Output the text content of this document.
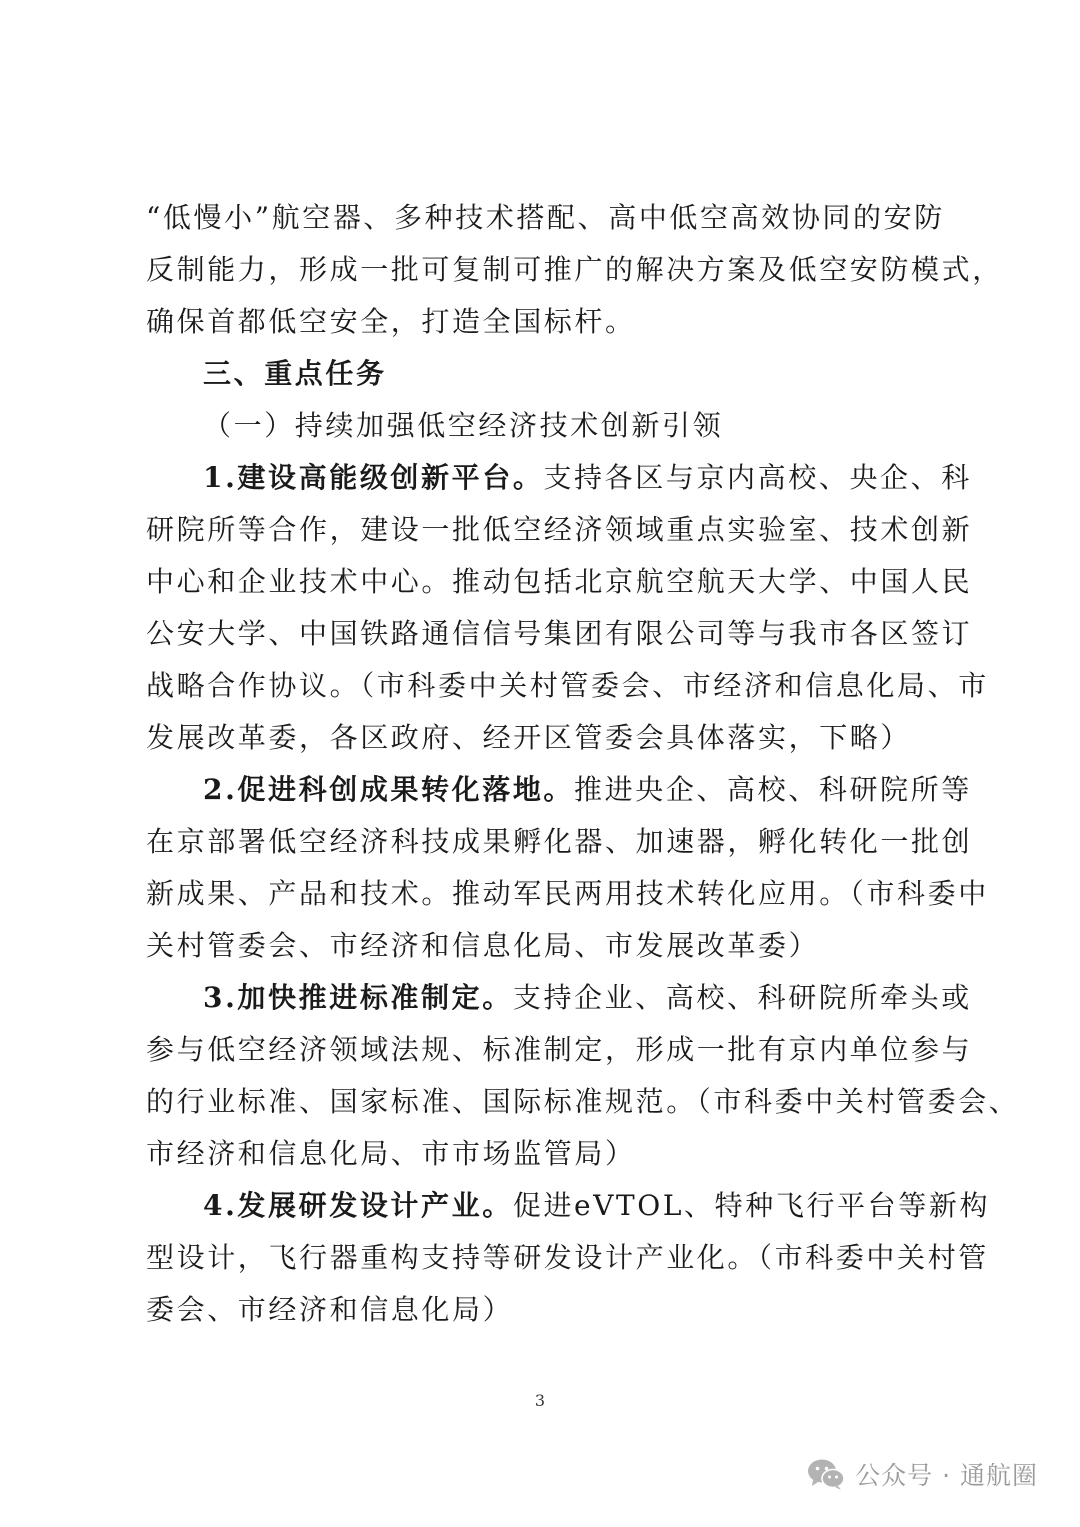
“低慢小”航空器、多种技术搭配、高中低空高效协同的安防
反制能力，形成一批可复制可推广的解决方案及低空安防模式，
确保首都低空安全，打造全国标杆。
三、重点任务
（一）持续加强低空经济技术创新引领
1.建设高能级创新平台。支持各区与京内高校、央企、科
研院所等合作，建设一批低空经济领域重点实验室、技术创新
中心和企业技术中心。推动包括北京航空航天大学、中国人民
公安大学、中国铁路通信信号集团有限公司等与我市各区签订
战略合作协议。（市科委中关村管委会、市经济和信息化局、市
发展改革委，各区政府、经开区管委会具体落实，下略）
2.促进科创成果转化落地。推进央企、高校、科研院所等
在京部署低空经济科技成果孵化器、加速器，孵化转化一批创
新成果、产品和技术。推动军民两用技术转化应用。（市科委中
关村管委会、市经济和信息化局、市发展改革委）
3.加快推进标准制定。支持企业、高校、科研院所牵头或
参与低空经济领域法规、标准制定，形成一批有京内单位参与
的行业标准、国家标准、国际标准规范。（市科委中关村管委会、
市经济和信息化局、市市场监管局）
4.发展研发设计产业。促进eVTOL、特种飞行平台等新构
型设计，飞行器重构支持等研发设计产业化。（市科委中关村管
委会、市经济和信息化局）
3
公众号 · 通航圈
